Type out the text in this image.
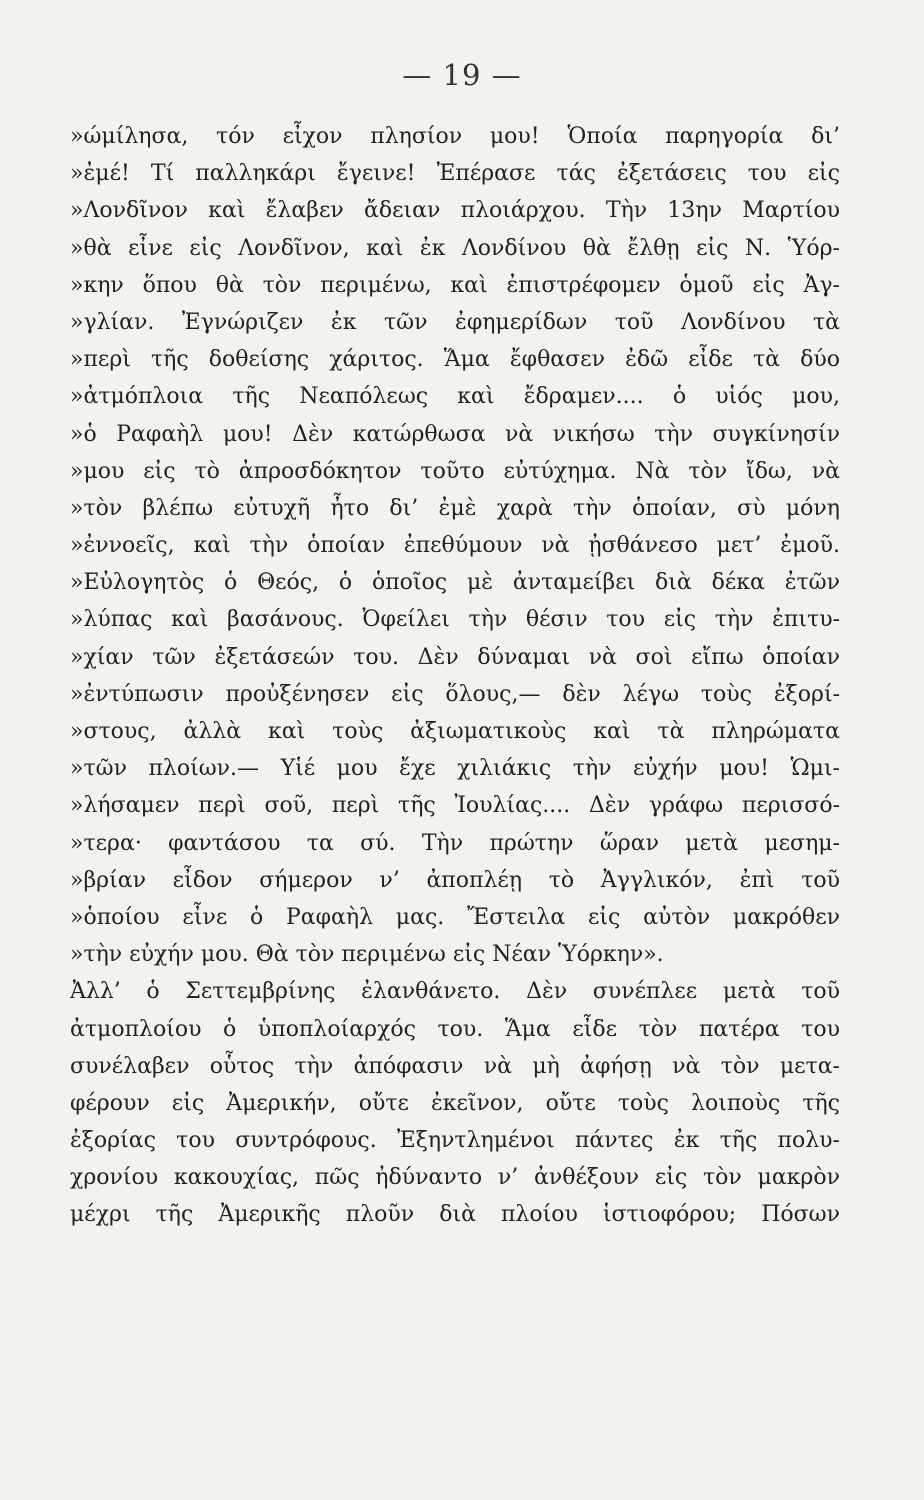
— 19 —
»ώμίλησα, τόν εἶχον πλησίον μου! Ὁποία παρηγορία δι’
»ἐμέ! Τί παλληκάρι ἔγεινε! Ἐπέρασε τάς ἐξετάσεις του εἰς
»Λονδῖνον καὶ ἔλαβεν ἄδειαν πλοιάρχου. Τὴν 13ην Μαρτίου
»θὰ εἶνε εἰς Λονδῖνον, καὶ ἐκ Λονδίνου θὰ ἔλθῃ εἰς Ν. Ὑόρ-
»κην ὅπου θὰ τὸν περιμένω, καὶ ἐπιστρέφομεν ὁμοῦ εἰς Ἀγ-
»γλίαν. Ἐγνώριζεν ἐκ τῶν ἐφημερίδων τοῦ Λονδίνου τὰ
»περὶ τῆς δοθείσης χάριτος. Ἅμα ἔφθασεν ἐδῶ εἶδε τὰ δύο
»ἀτμόπλοια τῆς Νεαπόλεως καὶ ἔδραμεν.... ὁ υἱός μου,
»ὁ Ραφαὴλ μου! Δὲν κατώρθωσα νὰ νικήσω τὴν συγκίνησίν
»μου εἰς τὸ ἀπροσδόκητον τοῦτο εὐτύχημα. Νὰ τὸν ἴδω, νὰ
»τὸν βλέπω εὐτυχῆ ἦτο δι’ ἐμὲ χαρὰ τὴν ὁποίαν, σὺ μόνη
»ἐννοεῖς, καὶ τὴν ὁποίαν ἐπεθύμουν νὰ ᾐσθάνεσο μετ’ ἐμοῦ.
»Εὐλογητὸς ὁ Θεός, ὁ ὁποῖος μὲ ἀνταμείβει διὰ δέκα ἐτῶν
»λύπας καὶ βασάνους. Ὀφείλει τὴν θέσιν του εἰς τὴν ἐπιτυ-
»χίαν τῶν ἐξετάσεών του. Δὲν δύναμαι νὰ σοὶ εἴπω ὁποίαν
»ἐντύπωσιν προὐξένησεν εἰς ὅλους,— δὲν λέγω τοὺς ἐξορί-
»στους, ἀλλὰ καὶ τοὺς ἀξιωματικοὺς καὶ τὰ πληρώματα
»τῶν πλοίων.— Υἱέ μου ἔχε χιλιάκις τὴν εὐχήν μου! Ὡμι-
»λήσαμεν περὶ σοῦ, περὶ τῆς Ἰουλίας.... Δὲν γράφω περισσό-
»τερα· φαντάσου τα σύ. Τὴν πρώτην ὥραν μετὰ μεσημ-
»βρίαν εἶδον σήμερον ν’ ἀποπλέῃ τὸ Ἀγγλικόν, ἐπὶ τοῦ
»ὁποίου εἶνε ὁ Ραφαὴλ μας. Ἔστειλα εἰς αὐτὸν μακρόθεν
»τὴν εὐχήν μου. Θὰ τὸν περιμένω εἰς Νέαν Ὑόρκην».
Ἀλλ’ ὁ Σεττεμβρίνης ἐλανθάνετο. Δὲν συνέπλεε μετὰ τοῦ
ἀτμοπλοίου ὁ ὑποπλοίαρχός του. Ἅμα εἶδε τὸν πατέρα του
συνέλαβεν οὗτος τὴν ἀπόφασιν νὰ μὴ ἀφήσῃ νὰ τὸν μετα-
φέρουν εἰς Ἀμερικήν, οὔτε ἐκεῖνον, οὔτε τοὺς λοιποὺς τῆς
ἐξορίας του συντρόφους. Ἐξηντλημένοι πάντες ἐκ τῆς πολυ-
χρονίου κακουχίας, πῶς ἠδύναντο ν’ ἀνθέξουν εἰς τὸν μακρὸν
μέχρι τῆς Ἀμερικῆς πλοῦν διὰ πλοίου ἱστιοφόρου; Πόσων
